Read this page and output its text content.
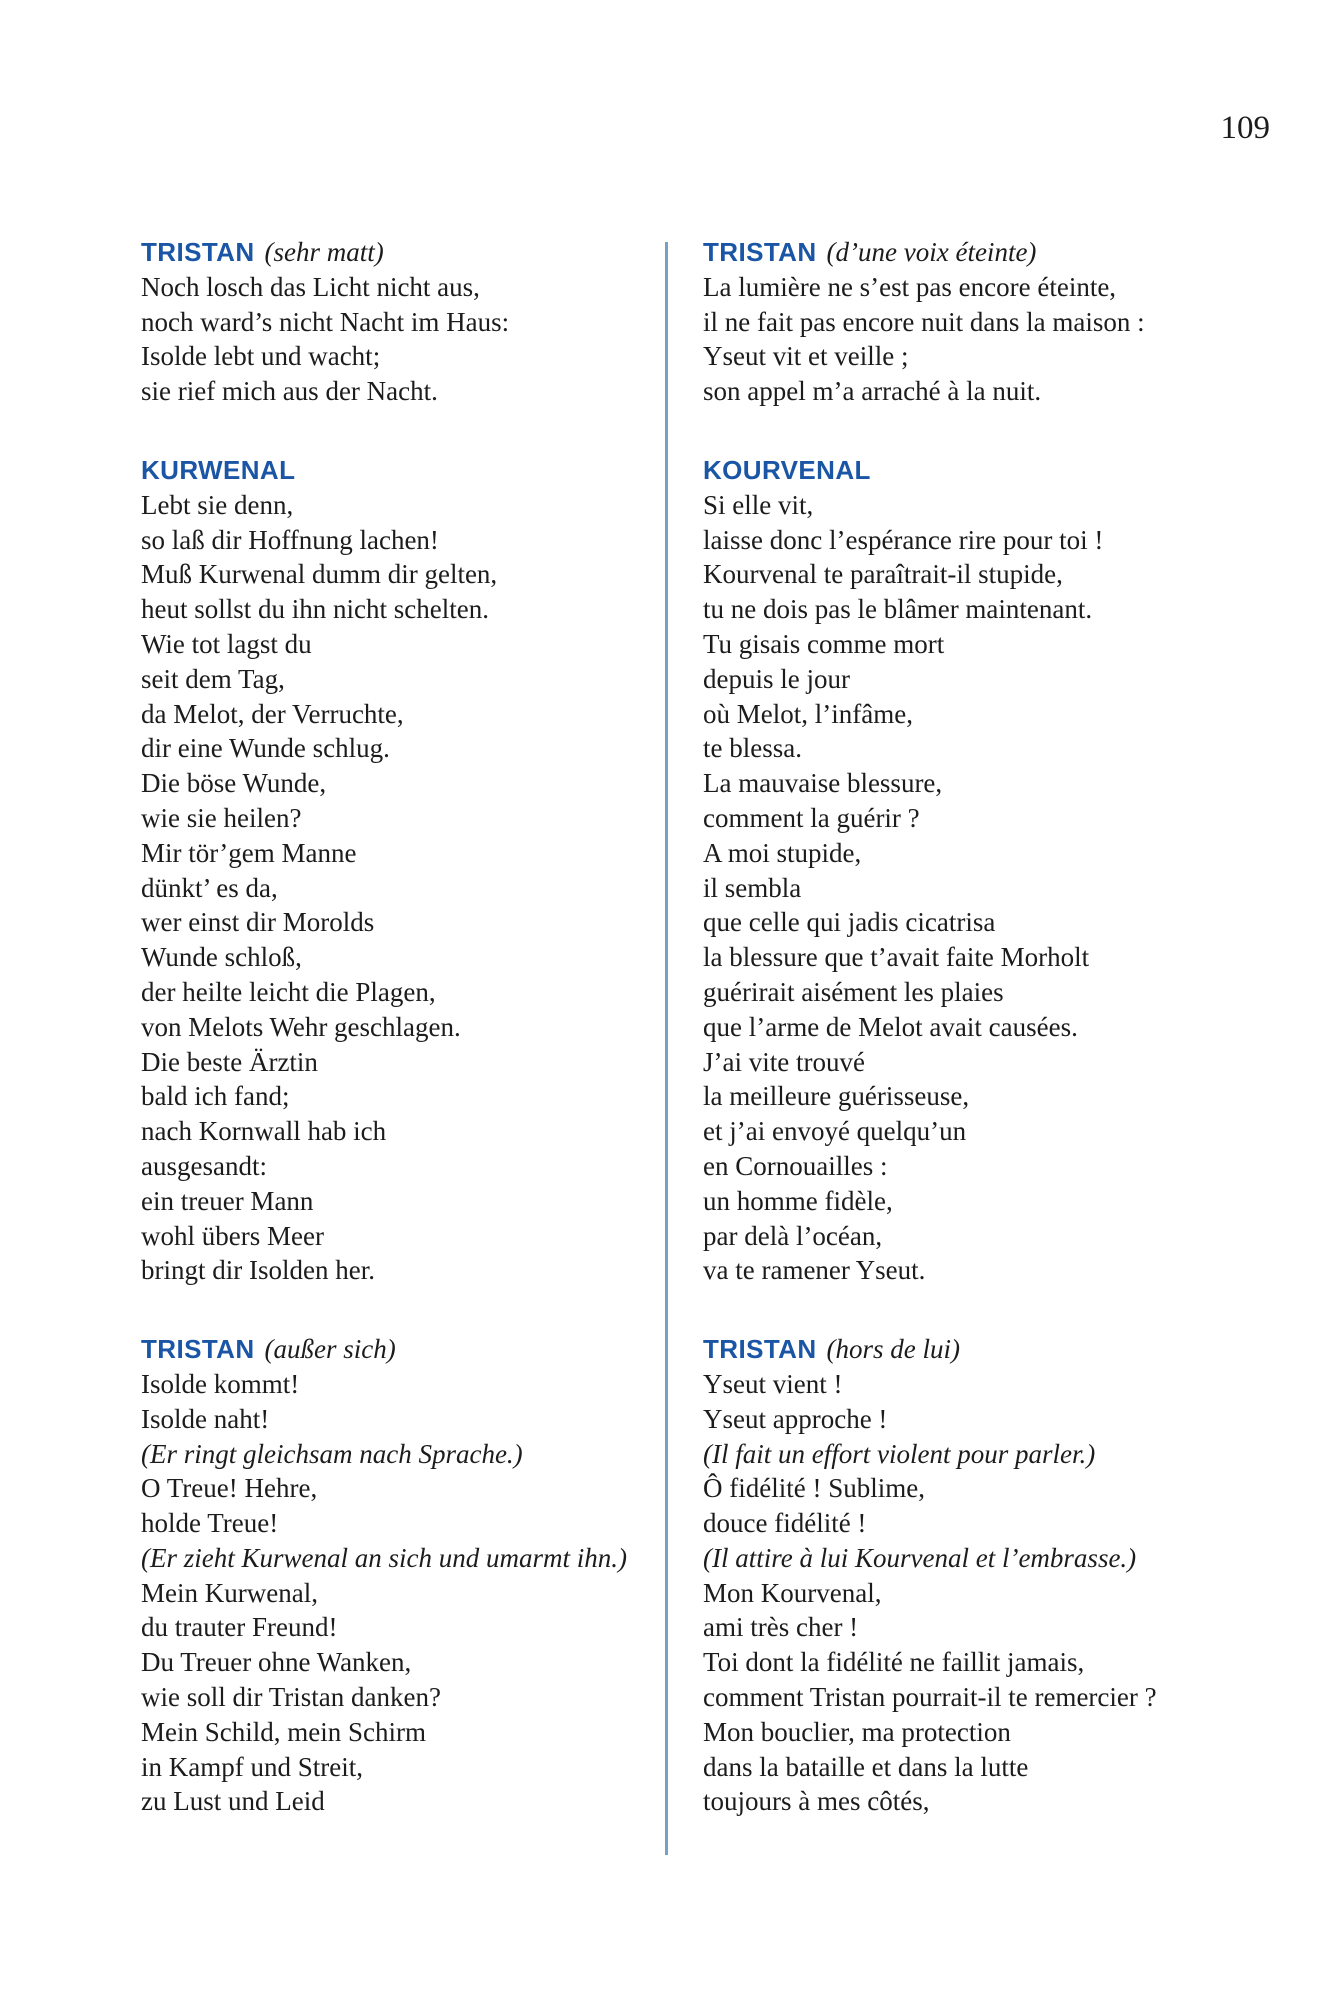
109
TRISTAN (sehr matt)
Noch losch das Licht nicht aus,
noch ward’s nicht Nacht im Haus:
Isolde lebt und wacht;
sie rief mich aus der Nacht.
KURWENAL
Lebt sie denn,
so laß dir Hoffnung lachen!
Muß Kurwenal dumm dir gelten,
heut sollst du ihn nicht schelten.
Wie tot lagst du
seit dem Tag,
da Melot, der Verruchte,
dir eine Wunde schlug.
Die böse Wunde,
wie sie heilen?
Mir tör’gem Manne
dünkt’ es da,
wer einst dir Morolds
Wunde schloß,
der heilte leicht die Plagen,
von Melots Wehr geschlagen.
Die beste Ärztin
bald ich fand;
nach Kornwall hab ich
ausgesandt:
ein treuer Mann
wohl übers Meer
bringt dir Isolden her.
TRISTAN (außer sich)
Isolde kommt!
Isolde naht!
(Er ringt gleichsam nach Sprache.)
O Treue! Hehre,
holde Treue!
(Er zieht Kurwenal an sich und umarmt ihn.)
Mein Kurwenal,
du trauter Freund!
Du Treuer ohne Wanken,
wie soll dir Tristan danken?
Mein Schild, mein Schirm
in Kampf und Streit,
zu Lust und Leid
TRISTAN (d’une voix éteinte)
La lumière ne s’est pas encore éteinte,
il ne fait pas encore nuit dans la maison :
Yseut vit et veille ;
son appel m’a arraché à la nuit.
KOURVENAL
Si elle vit,
laisse donc l’espérance rire pour toi !
Kourvenal te paraîtrait-il stupide,
tu ne dois pas le blâmer maintenant.
Tu gisais comme mort
depuis le jour
où Melot, l’infâme,
te blessa.
La mauvaise blessure,
comment la guérir ?
A moi stupide,
il sembla
que celle qui jadis cicatrisa
la blessure que t’avait faite Morholt
guérirait aisément les plaies
que l’arme de Melot avait causées.
J’ai vite trouvé
la meilleure guérisseuse,
et j’ai envoyé quelqu’un
en Cornouailles :
un homme fidèle,
par delà l’océan,
va te ramener Yseut.
TRISTAN (hors de lui)
Yseut vient !
Yseut approche !
(Il fait un effort violent pour parler.)
Ô fidélité ! Sublime,
douce fidélité !
(Il attire à lui Kourvenal et l’embrasse.)
Mon Kourvenal,
ami très cher !
Toi dont la fidélité ne faillit jamais,
comment Tristan pourrait-il te remercier ?
Mon bouclier, ma protection
dans la bataille et dans la lutte
toujours à mes côtés,
